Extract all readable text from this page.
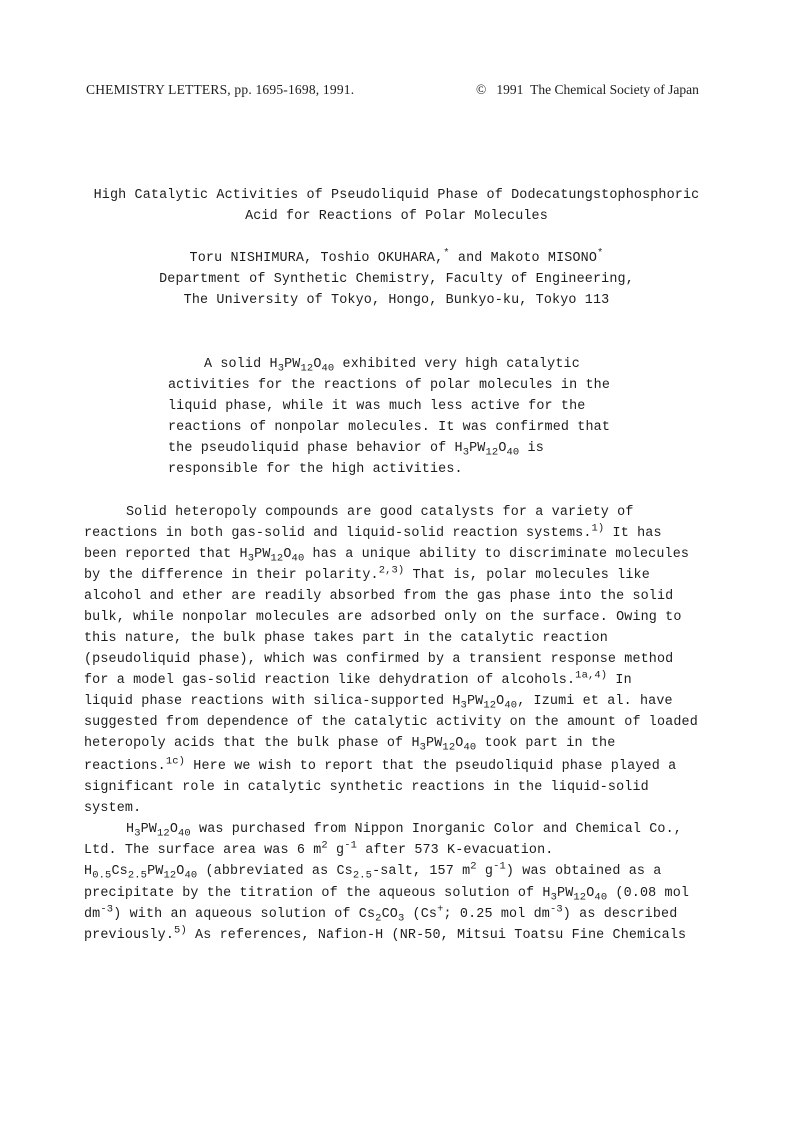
CHEMISTRY LETTERS, pp. 1695-1698, 1991.	© 1991 The Chemical Society of Japan
High Catalytic Activities of Pseudoliquid Phase of Dodecatungstophosphoric
Acid for Reactions of Polar Molecules
Toru NISHIMURA, Toshio OKUHARA,* and Makoto MISONO*
Department of Synthetic Chemistry, Faculty of Engineering,
The University of Tokyo, Hongo, Bunkyo-ku, Tokyo 113
A solid $H_3PW_{12}O_{40}$ exhibited very high catalytic
activities for the reactions of polar molecules in the
liquid phase, while it was much less active for the
reactions of nonpolar molecules. It was confirmed that
the pseudoliquid phase behavior of $H_3PW_{12}O_{40}$ is
responsible for the high activities.
Solid heteropoly compounds are good catalysts for a variety of
reactions in both gas-solid and liquid-solid reaction systems.$^{1)}$ It has
been reported that $H_3PW_{12}O_{40}$ has a unique ability to discriminate molecules
by the difference in their polarity.$^{2,3)}$ That is, polar molecules like
alcohol and ether are readily absorbed from the gas phase into the solid
bulk, while nonpolar molecules are adsorbed only on the surface. Owing to
this nature, the bulk phase takes part in the catalytic reaction
(pseudoliquid phase), which was confirmed by a transient response method
for a model gas-solid reaction like dehydration of alcohols.$^{1a,4)}$ In
liquid phase reactions with silica-supported $H_3PW_{12}O_{40}$, Izumi et al. have
suggested from dependence of the catalytic activity on the amount of loaded
heteropoly acids that the bulk phase of $H_3PW_{12}O_{40}$ took part in the
reactions.$^{1c)}$ Here we wish to report that the pseudoliquid phase played a
significant role in catalytic synthetic reactions in the liquid-solid
system.
$H_3PW_{12}O_{40}$ was purchased from Nippon Inorganic Color and Chemical Co.,
Ltd. The surface area was 6 $m^2$ $g^{-1}$ after 573 K-evacuation.
$H_{0.5}Cs_{2.5}PW_{12}O_{40}$ (abbreviated as $Cs_{2.5}$-salt, 157 $m^2$ $g^{-1}$) was obtained as a
precipitate by the titration of the aqueous solution of $H_3PW_{12}O_{40}$ (0.08 mol
$dm^{-3}$) with an aqueous solution of $Cs_2CO_3$ (Cs+; 0.25 mol $dm^{-3}$) as described
previously.$^{5)}$ As references, Nafion-H (NR-50, Mitsui Toatsu Fine Chemicals
